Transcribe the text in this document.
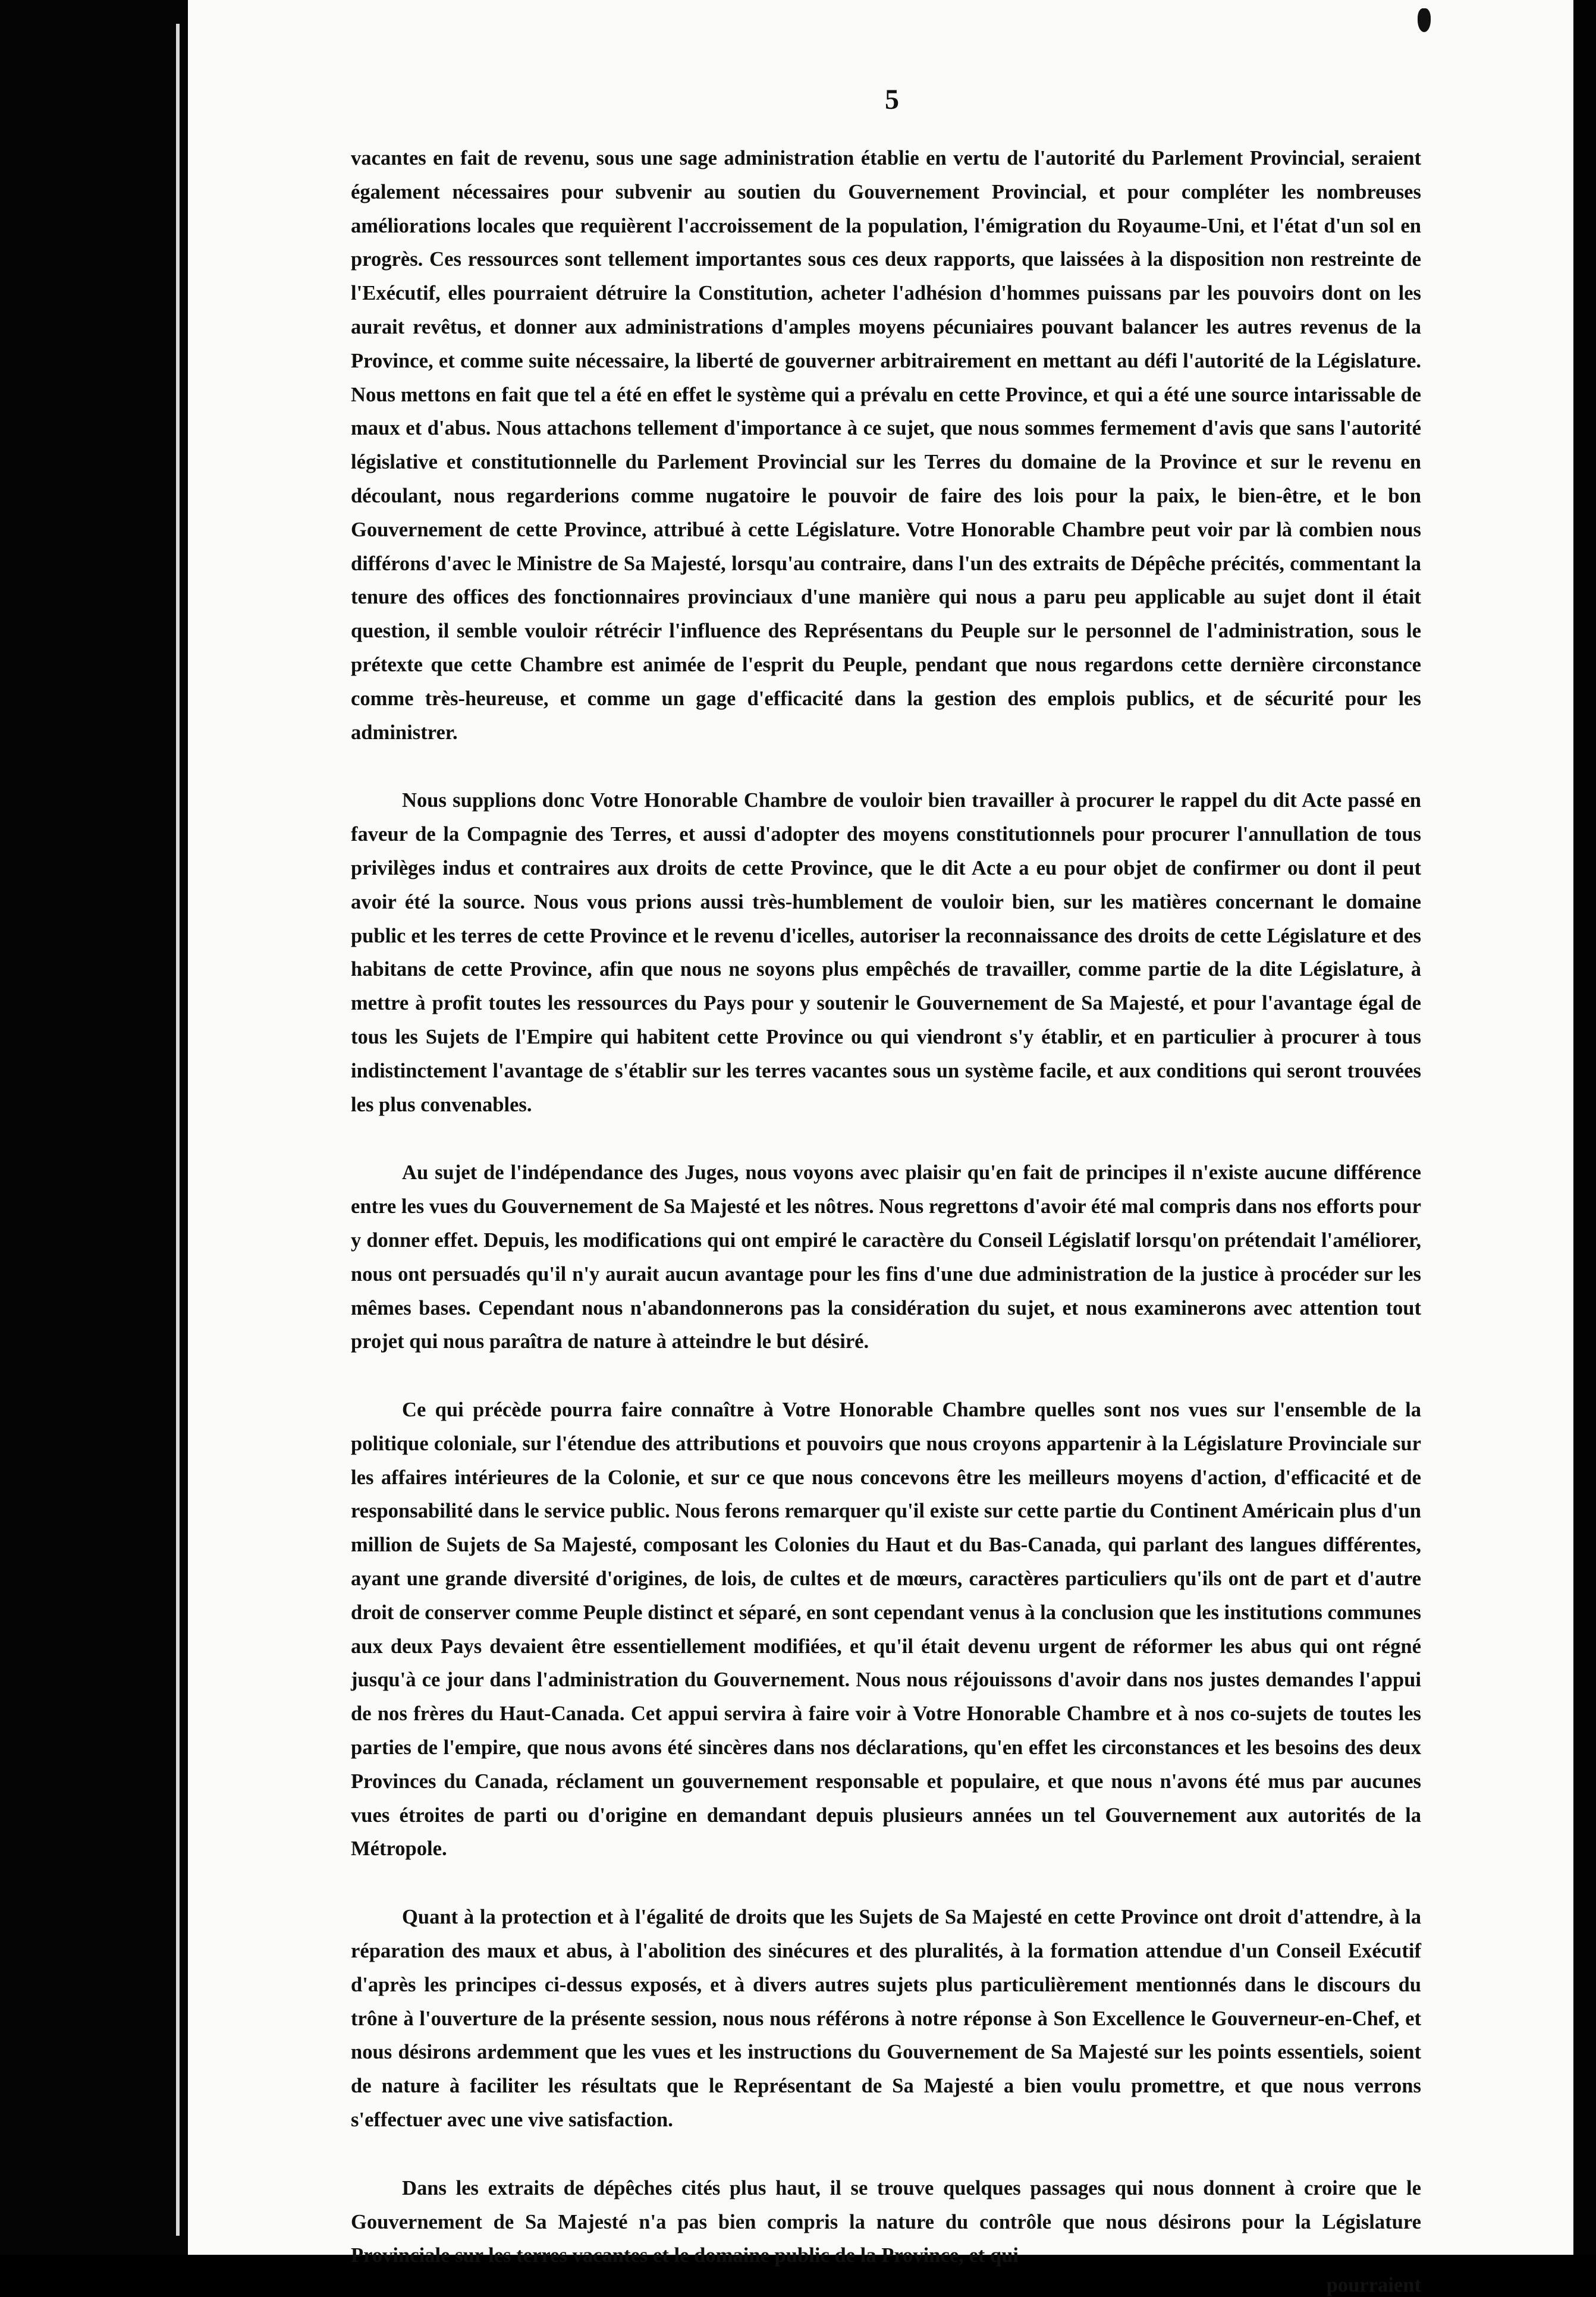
5

vacantes en fait de revenu, sous une sage administration établie en vertu de l'autorité du Parlement Provincial, seraient également nécessaires pour subvenir au soutien du Gouvernement Provincial, et pour compléter les nombreuses améliorations locales que requièrent l'accroissement de la population, l'émigration du Royaume-Uni, et l'état d'un sol en progrès. Ces ressources sont tellement importantes sous ces deux rapports, que laissées à la disposition non restreinte de l'Exécutif, elles pourraient détruire la Constitution, acheter l'adhésion d'hommes puissans par les pouvoirs dont on les aurait revêtus, et donner aux administrations d'amples moyens pécuniaires pouvant balancer les autres revenus de la Province, et comme suite nécessaire, la liberté de gouverner arbitrairement en mettant au défi l'autorité de la Législature. Nous mettons en fait que tel a été en effet le système qui a prévalu en cette Province, et qui a été une source intarissable de maux et d'abus. Nous attachons tellement d'importance à ce sujet, que nous sommes fermement d'avis que sans l'autorité législative et constitutionnelle du Parlement Provincial sur les Terres du domaine de la Province et sur le revenu en découlant, nous regarderions comme nugatoire le pouvoir de faire des lois pour la paix, le bien-être, et le bon Gouvernement de cette Province, attribué à cette Législature. Votre Honorable Chambre peut voir par là combien nous différons d'avec le Ministre de Sa Majesté, lorsqu'au contraire, dans l'un des extraits de Dépêche précités, commentant la tenure des offices des fonctionnaires provinciaux d'une manière qui nous a paru peu applicable au sujet dont il était question, il semble vouloir rétrécir l'influence des Représentans du Peuple sur le personnel de l'administration, sous le prétexte que cette Chambre est animée de l'esprit du Peuple, pendant que nous regardons cette dernière circonstance comme très-heureuse, et comme un gage d'efficacité dans la gestion des emplois publics, et de sécurité pour les administrer.

Nous supplions donc Votre Honorable Chambre de vouloir bien travailler à procurer le rappel du dit Acte passé en faveur de la Compagnie des Terres, et aussi d'adopter des moyens constitutionnels pour procurer l'annullation de tous privilèges indus et contraires aux droits de cette Province, que le dit Acte a eu pour objet de confirmer ou dont il peut avoir été la source. Nous vous prions aussi très-humblement de vouloir bien, sur les matières concernant le domaine public et les terres de cette Province et le revenu d'icelles, autoriser la reconnaissance des droits de cette Législature et des habitans de cette Province, afin que nous ne soyons plus empêchés de travailler, comme partie de la dite Législature, à mettre à profit toutes les ressources du Pays pour y soutenir le Gouvernement de Sa Majesté, et pour l'avantage égal de tous les Sujets de l'Empire qui habitent cette Province ou qui viendront s'y établir, et en particulier à procurer à tous indistinctement l'avantage de s'établir sur les terres vacantes sous un système facile, et aux conditions qui seront trouvées les plus convenables.

Au sujet de l'indépendance des Juges, nous voyons avec plaisir qu'en fait de principes il n'existe aucune différence entre les vues du Gouvernement de Sa Majesté et les nôtres. Nous regrettons d'avoir été mal compris dans nos efforts pour y donner effet. Depuis, les modifications qui ont empiré le caractère du Conseil Législatif lorsqu'on prétendait l'améliorer, nous ont persuadés qu'il n'y aurait aucun avantage pour les fins d'une due administration de la justice à procéder sur les mêmes bases. Cependant nous n'abandonnerons pas la considération du sujet, et nous examinerons avec attention tout projet qui nous paraîtra de nature à atteindre le but désiré.

Ce qui précède pourra faire connaître à Votre Honorable Chambre quelles sont nos vues sur l'ensemble de la politique coloniale, sur l'étendue des attributions et pouvoirs que nous croyons appartenir à la Législature Provinciale sur les affaires intérieures de la Colonie, et sur ce que nous concevons être les meilleurs moyens d'action, d'efficacité et de responsabilité dans le service public. Nous ferons remarquer qu'il existe sur cette partie du Continent Américain plus d'un million de Sujets de Sa Majesté, composant les Colonies du Haut et du Bas-Canada, qui parlant des langues différentes, ayant une grande diversité d'origines, de lois, de cultes et de mœurs, caractères particuliers qu'ils ont de part et d'autre droit de conserver comme Peuple distinct et séparé, en sont cependant venus à la conclusion que les institutions communes aux deux Pays devaient être essentiellement modifiées, et qu'il était devenu urgent de réformer les abus qui ont régné jusqu'à ce jour dans l'administration du Gouvernement. Nous nous réjouissons d'avoir dans nos justes demandes l'appui de nos frères du Haut-Canada. Cet appui servira à faire voir à Votre Honorable Chambre et à nos co-sujets de toutes les parties de l'empire, que nous avons été sincères dans nos déclarations, qu'en effet les circonstances et les besoins des deux Provinces du Canada, réclament un gouvernement responsable et populaire, et que nous n'avons été mus par aucunes vues étroites de parti ou d'origine en demandant depuis plusieurs années un tel Gouvernement aux autorités de la Métropole.

Quant à la protection et à l'égalité de droits que les Sujets de Sa Majesté en cette Province ont droit d'attendre, à la réparation des maux et abus, à l'abolition des sinécures et des pluralités, à la formation attendue d'un Conseil Exécutif d'après les principes ci-dessus exposés, et à divers autres sujets plus particulièrement mentionnés dans le discours du trône à l'ouverture de la présente session, nous nous référons à notre réponse à Son Excellence le Gouverneur-en-Chef, et nous désirons ardemment que les vues et les instructions du Gouvernement de Sa Majesté sur les points essentiels, soient de nature à faciliter les résultats que le Représentant de Sa Majesté a bien voulu promettre, et que nous verrons s'effectuer avec une vive satisfaction.

Dans les extraits de dépêches cités plus haut, il se trouve quelques passages qui nous donnent à croire que le Gouvernement de Sa Majesté n'a pas bien compris la nature du contrôle que nous désirons pour la Législature Provinciale sur les terres vacantes et le domaine public de la Province, et qui

pourraient
